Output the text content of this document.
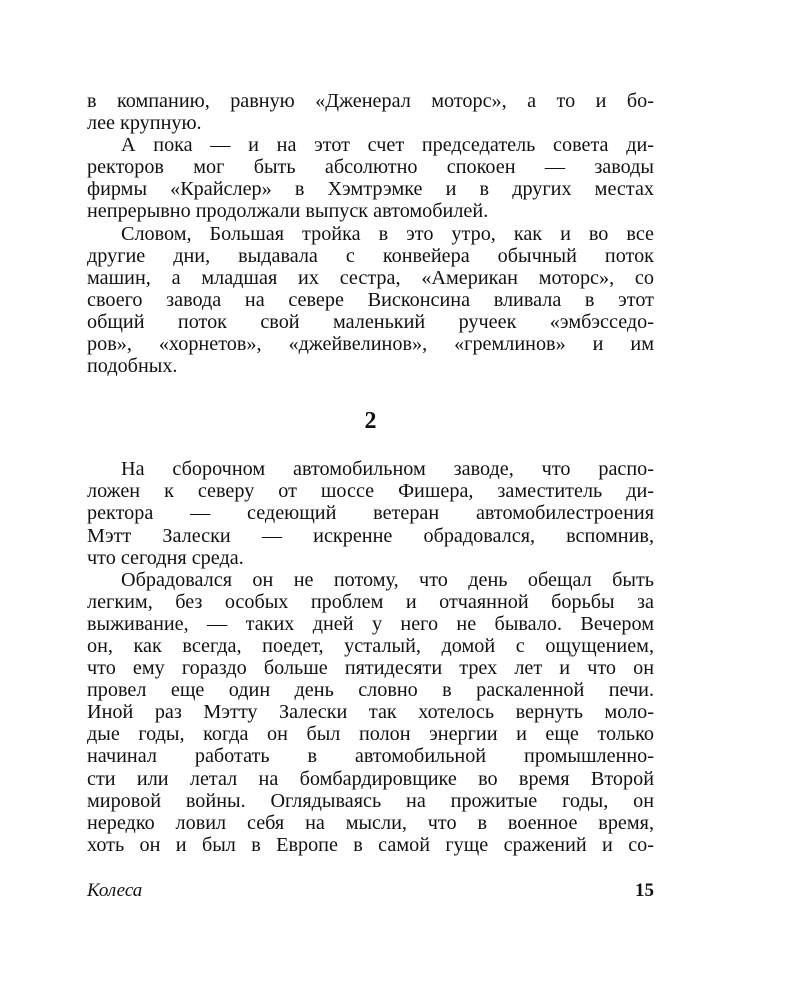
в компанию, равную «Дженерал моторс», а то и бо-
лее крупную.
А пока — и на этот счет председатель совета ди-
ректоров мог быть абсолютно спокоен — заводы
фирмы «Крайслер» в Хэмтрэмке и в других местах
непрерывно продолжали выпуск автомобилей.
Словом, Большая тройка в это утро, как и во все
другие дни, выдавала с конвейера обычный поток
машин, а младшая их сестра, «Американ моторс», со
своего завода на севере Висконсина вливала в этот
общий поток свой маленький ручеек «эмбэсседо-
ров», «хорнетов», «джейвелинов», «гремлинов» и им
подобных.
2
На сборочном автомобильном заводе, что распо-
ложен к северу от шоссе Фишера, заместитель ди-
ректора — седеющий ветеран автомобилестроения
Мэтт Залески — искренне обрадовался, вспомнив,
что сегодня среда.
Обрадовался он не потому, что день обещал быть
легким, без особых проблем и отчаянной борьбы за
выживание, — таких дней у него не бывало. Вечером
он, как всегда, поедет, усталый, домой с ощущением,
что ему гораздо больше пятидесяти трех лет и что он
провел еще один день словно в раскаленной печи.
Иной раз Мэтту Залески так хотелось вернуть моло-
дые годы, когда он был полон энергии и еще только
начинал работать в автомобильной промышленно-
сти или летал на бомбардировщике во время Второй
мировой войны. Оглядываясь на прожитые годы, он
нередко ловил себя на мысли, что в военное время,
хоть он и был в Европе в самой гуще сражений и со-
Колеса	15
